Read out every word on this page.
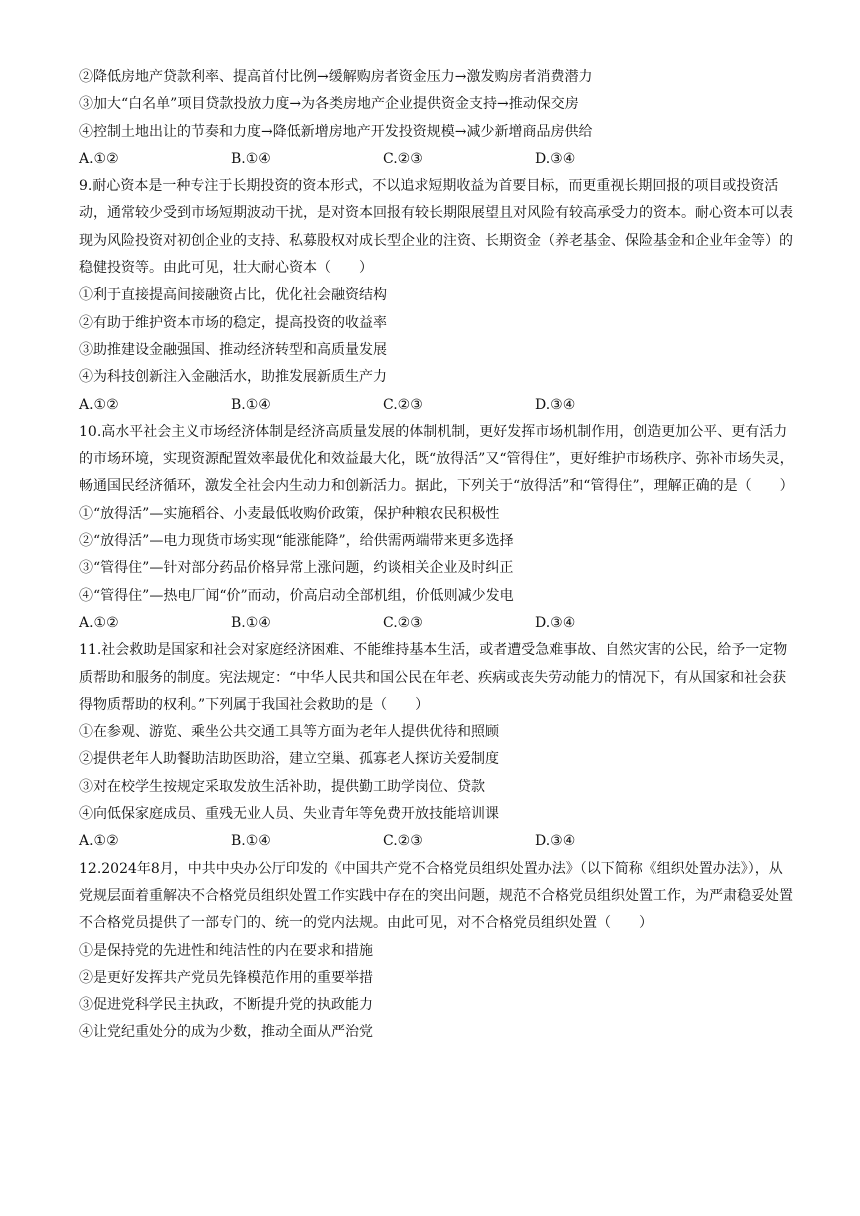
②降低房地产贷款利率、提高首付比例→缓解购房者资金压力→激发购房者消费潜力
③加大“白名单”项目贷款投放力度→为各类房地产企业提供资金支持→推动保交房
④控制土地出让的节奏和力度→降低新增房地产开发投资规模→减少新增商品房供给
A.①②	B.①④	C.②③	D.③④
9.耐心资本是一种专注于长期投资的资本形式，不以追求短期收益为首要目标，而更重视长期回报的项目或投资活动，通常较少受到市场短期波动干扰，是对资本回报有较长期限展望且对风险有较高承受力的资本。耐心资本可以表现为风险投资对初创企业的支持、私募股权对成长型企业的注资、长期资金（养老基金、保险基金和企业年金等）的稳健投资等。由此可见，壮大耐心资本（　　）
①利于直接提高间接融资占比，优化社会融资结构
②有助于维护资本市场的稳定，提高投资的收益率
③助推建设金融强国、推动经济转型和高质量发展
④为科技创新注入金融活水，助推发展新质生产力
A.①②	B.①④	C.②③	D.③④
10.高水平社会主义市场经济体制是经济高质量发展的体制机制，更好发挥市场机制作用，创造更加公平、更有活力的市场环境，实现资源配置效率最优化和效益最大化，既“放得活”又“管得住”，更好维护市场秩序、弥补市场失灵，畅通国民经济循环，激发全社会内生动力和创新活力。据此，下列关于“放得活”和“管得住”，理解正确的是（　　）
①“放得活”—实施稻谷、小麦最低收购价政策，保护种粮农民积极性
②“放得活”—电力现货市场实现“能涨能降”，给供需两端带来更多选择
③“管得住”—针对部分药品价格异常上涨问题，约谈相关企业及时纠正
④“管得住”—热电厂闻“价”而动，价高启动全部机组，价低则减少发电
A.①②	B.①④	C.②③	D.③④
11.社会救助是国家和社会对家庭经济困难、不能维持基本生活，或者遭受急难事故、自然灾害的公民，给予一定物质帮助和服务的制度。宪法规定：“中华人民共和国公民在年老、疾病或丧失劳动能力的情况下，有从国家和社会获得物质帮助的权利。”下列属于我国社会救助的是（　　）
①在参观、游览、乘坐公共交通工具等方面为老年人提供优待和照顾
②提供老年人助餐助洁助医助浴，建立空巢、孤寡老人探访关爱制度
③对在校学生按规定采取发放生活补助，提供勤工助学岗位、贷款
④向低保家庭成员、重残无业人员、失业青年等免费开放技能培训课
A.①②	B.①④	C.②③	D.③④
12.2024年8月，中共中央办公厅印发的《中国共产党不合格党员组织处置办法》（以下简称《组织处置办法》），从党规层面着重解决不合格党员组织处置工作实践中存在的突出问题，规范不合格党员组织处置工作，为严肃稳妥处置不合格党员提供了一部专门的、统一的党内法规。由此可见，对不合格党员组织处置（　　）
①是保持党的先进性和纯洁性的内在要求和措施
②是更好发挥共产党员先锋模范作用的重要举措
③促进党科学民主执政，不断提升党的执政能力
④让党纪重处分的成为少数，推动全面从严治党
